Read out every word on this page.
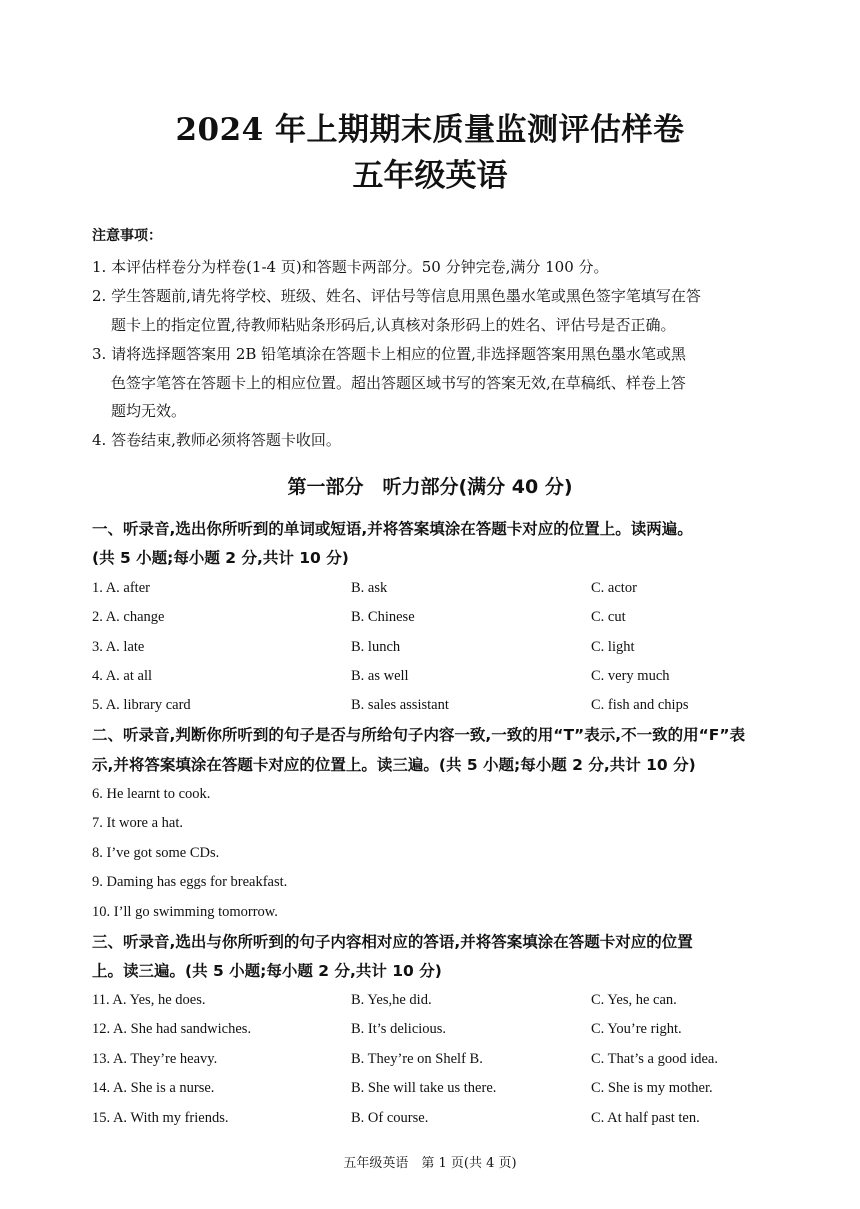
2024 年上期期末质量监测评估样卷
五年级英语
注意事项：
1. 本评估样卷分为样卷(1-4 页)和答题卡两部分。50 分钟完卷,满分 100 分。
2. 学生答题前,请先将学校、班级、姓名、评估号等信息用黑色墨水笔或黑色签字笔填写在答
题卡上的指定位置,待教师粘贴条形码后,认真核对条形码上的姓名、评估号是否正确。
3. 请将选择题答案用 2B 铅笔填涂在答题卡上相应的位置,非选择题答案用黑色墨水笔或黑
色签字笔答在答题卡上的相应位置。超出答题区域书写的答案无效,在草稿纸、样卷上答
题均无效。
4. 答卷结束,教师必须将答题卡收回。
第一部分　听力部分(满分 40 分)
一、听录音,选出你所听到的单词或短语,并将答案填涂在答题卡对应的位置上。读两遍。
(共 5 小题;每小题 2 分,共计 10 分)
1. A. after	B. ask	C. actor
2. A. change	B. Chinese	C. cut
3. A. late	B. lunch	C. light
4. A. at all	B. as well	C. very much
5. A. library card	B. sales assistant	C. fish and chips
二、听录音,判断你所听到的句子是否与所给句子内容一致,一致的用“T”表示,不一致的用“F”表
示,并将答案填涂在答题卡对应的位置上。读三遍。(共 5 小题;每小题 2 分,共计 10 分)
6. He learnt to cook.
7. It wore a hat.
8. I’ve got some CDs.
9. Daming has eggs for breakfast.
10. I’ll go swimming tomorrow.
三、听录音,选出与你所听到的句子内容相对应的答语,并将答案填涂在答题卡对应的位置
上。读三遍。(共 5 小题;每小题 2 分,共计 10 分)
11. A. Yes, he does.	B. Yes,he did.	C. Yes, he can.
12. A. She had sandwiches.	B. It’s delicious.	C. You’re right.
13. A. They’re heavy.	B. They’re on Shelf B.	C. That’s a good idea.
14. A. She is a nurse.	B. She will take us there.	C. She is my mother.
15. A. With my friends.	B. Of course.	C. At half past ten.
五年级英语　第 1 页(共 4 页)
